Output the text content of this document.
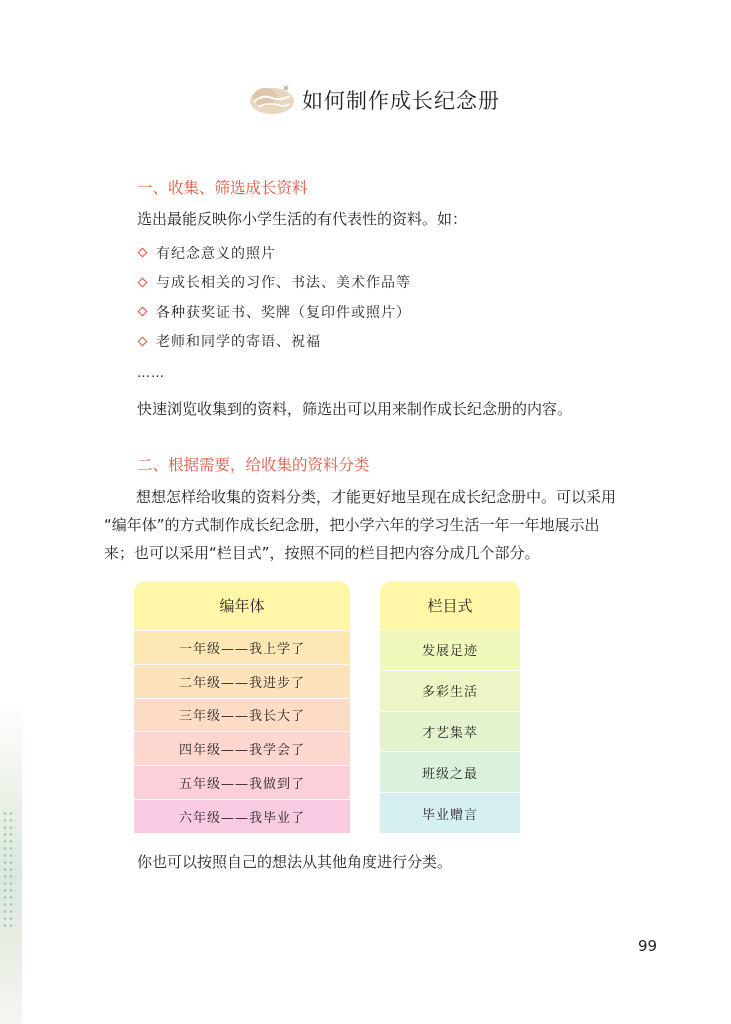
如何制作成长纪念册
一、收集、筛选成长资料
选出最能反映你小学生活的有代表性的资料。如：
有纪念意义的照片
与成长相关的习作、书法、美术作品等
各种获奖证书、奖牌（复印件或照片）
老师和同学的寄语、祝福
……
快速浏览收集到的资料，筛选出可以用来制作成长纪念册的内容。
二、根据需要，给收集的资料分类
想想怎样给收集的资料分类，才能更好地呈现在成长纪念册中。可以采用
“编年体”的方式制作成长纪念册，把小学六年的学习生活一年一年地展示出
来；也可以采用“栏目式”，按照不同的栏目把内容分成几个部分。
编年体
一年级——我上学了
二年级——我进步了
三年级——我长大了
四年级——我学会了
五年级——我做到了
六年级——我毕业了
栏目式
发展足迹
多彩生活
才艺集萃
班级之最
毕业赠言
你也可以按照自己的想法从其他角度进行分类。
99
